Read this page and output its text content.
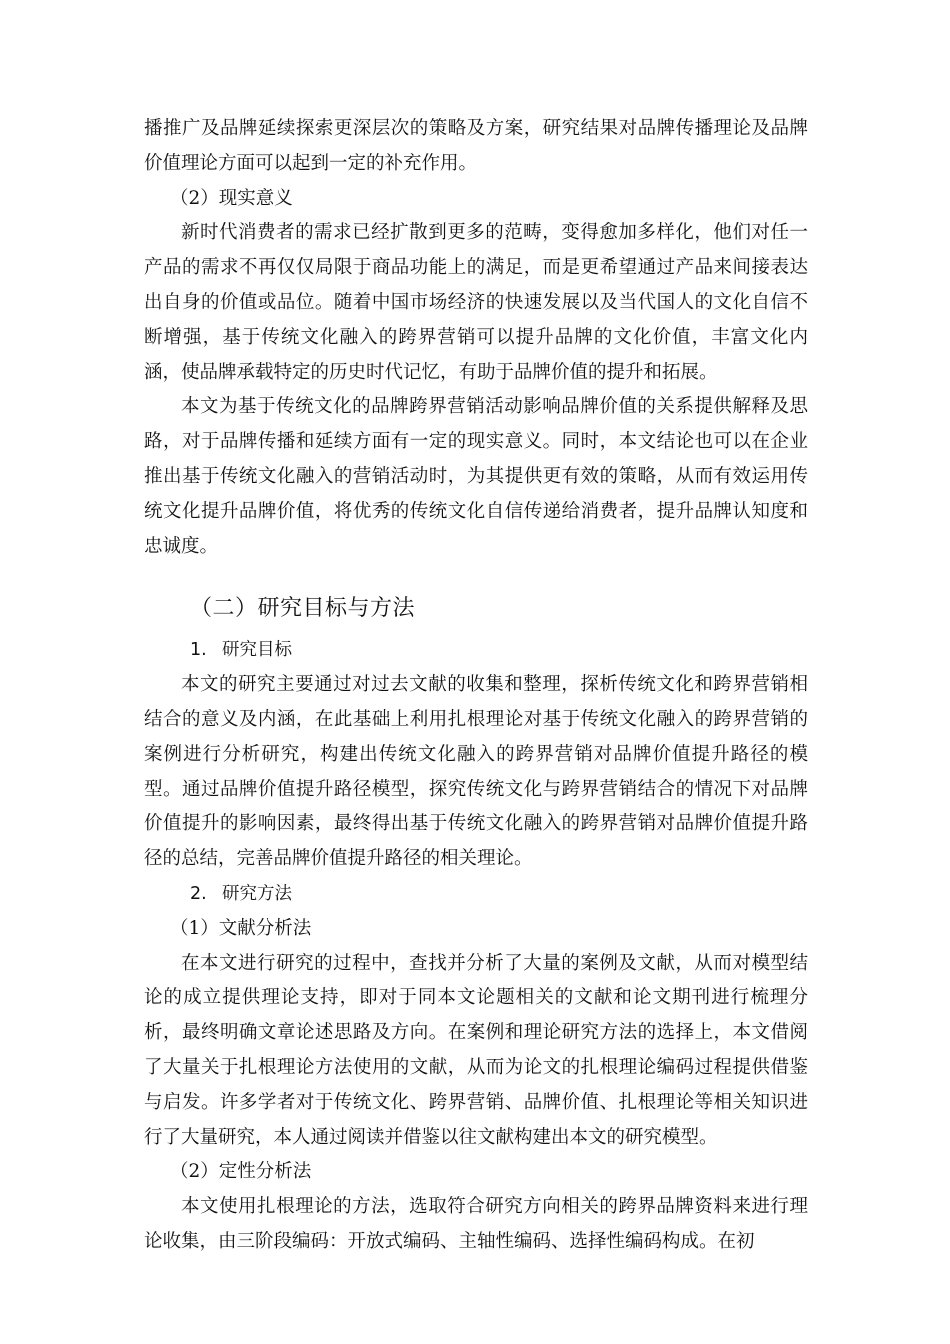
播推广及品牌延续探索更深层次的策略及方案，研究结果对品牌传播理论及品牌价值理论方面可以起到一定的补充作用。

（2）现实意义

新时代消费者的需求已经扩散到更多的范畴，变得愈加多样化，他们对任一产品的需求不再仅仅局限于商品功能上的满足，而是更希望通过产品来间接表达出自身的价值或品位。随着中国市场经济的快速发展以及当代国人的文化自信不断增强，基于传统文化融入的跨界营销可以提升品牌的文化价值，丰富文化内涵，使品牌承载特定的历史时代记忆，有助于品牌价值的提升和拓展。

本文为基于传统文化的品牌跨界营销活动影响品牌价值的关系提供解释及思路，对于品牌传播和延续方面有一定的现实意义。同时，本文结论也可以在企业推出基于传统文化融入的营销活动时，为其提供更有效的策略，从而有效运用传统文化提升品牌价值，将优秀的传统文化自信传递给消费者，提升品牌认知度和忠诚度。

（二）研究目标与方法
1. 研究目标

本文的研究主要通过对过去文献的收集和整理，探析传统文化和跨界营销相结合的意义及内涵，在此基础上利用扎根理论对基于传统文化融入的跨界营销的案例进行分析研究，构建出传统文化融入的跨界营销对品牌价值提升路径的模型。通过品牌价值提升路径模型，探究传统文化与跨界营销结合的情况下对品牌价值提升的影响因素，最终得出基于传统文化融入的跨界营销对品牌价值提升路径的总结，完善品牌价值提升路径的相关理论。

2. 研究方法

（1）文献分析法

在本文进行研究的过程中，查找并分析了大量的案例及文献，从而对模型结论的成立提供理论支持，即对于同本文论题相关的文献和论文期刊进行梳理分析，最终明确文章论述思路及方向。在案例和理论研究方法的选择上，本文借阅了大量关于扎根理论方法使用的文献，从而为论文的扎根理论编码过程提供借鉴与启发。许多学者对于传统文化、跨界营销、品牌价值、扎根理论等相关知识进行了大量研究，本人通过阅读并借鉴以往文献构建出本文的研究模型。

（2）定性分析法

本文使用扎根理论的方法，选取符合研究方向相关的跨界品牌资料来进行理论收集，由三阶段编码：开放式编码、主轴性编码、选择性编码构成。在初
